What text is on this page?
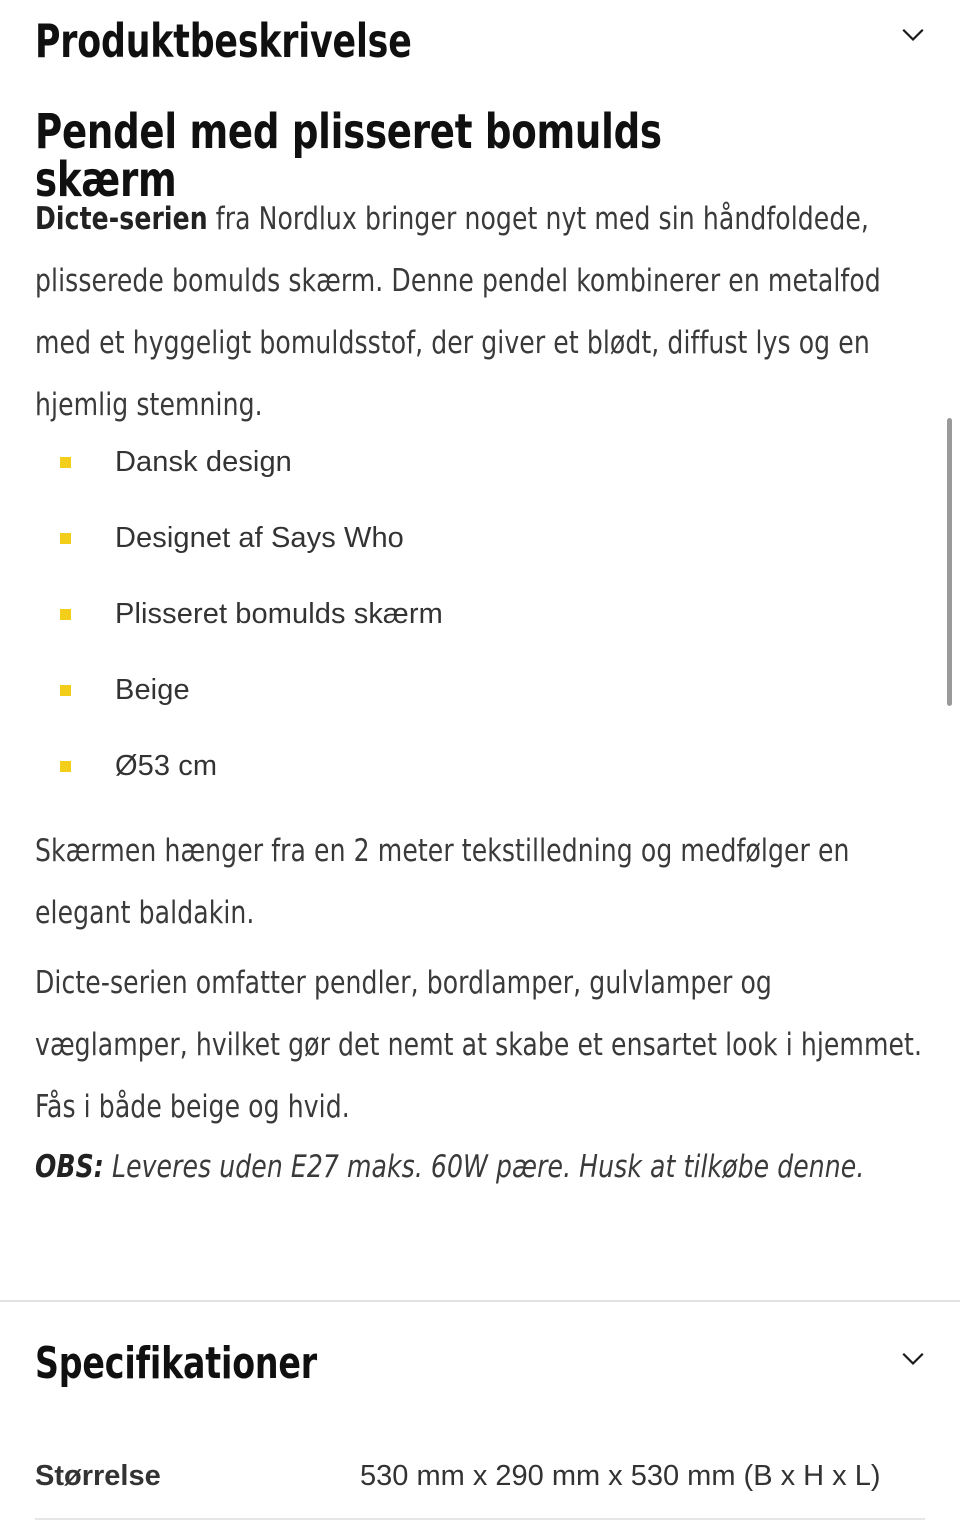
Produktbeskrivelse
Pendel med plisseret bomulds skærm

Dicte-serien fra Nordlux bringer noget nyt med sin håndfoldede, plisserede bomulds skærm. Denne pendel kombinerer en metalfod med et hyggeligt bomuldsstof, der giver et blødt, diffust lys og en hjemlig stemning.

Dansk design
Designet af Says Who
Plisseret bomulds skærm
Beige
Ø53 cm

Skærmen hænger fra en 2 meter tekstilledning og medfølger en elegant baldakin.

Dicte-serien omfatter pendler, bordlamper, gulvlamper og væglamper, hvilket gør det nemt at skabe et ensartet look i hjemmet. Fås i både beige og hvid.

OBS: Leveres uden E27 maks. 60W pære. Husk at tilkøbe denne.

Specifikationer
Størrelse	530 mm x 290 mm x 530 mm (B x H x L)
